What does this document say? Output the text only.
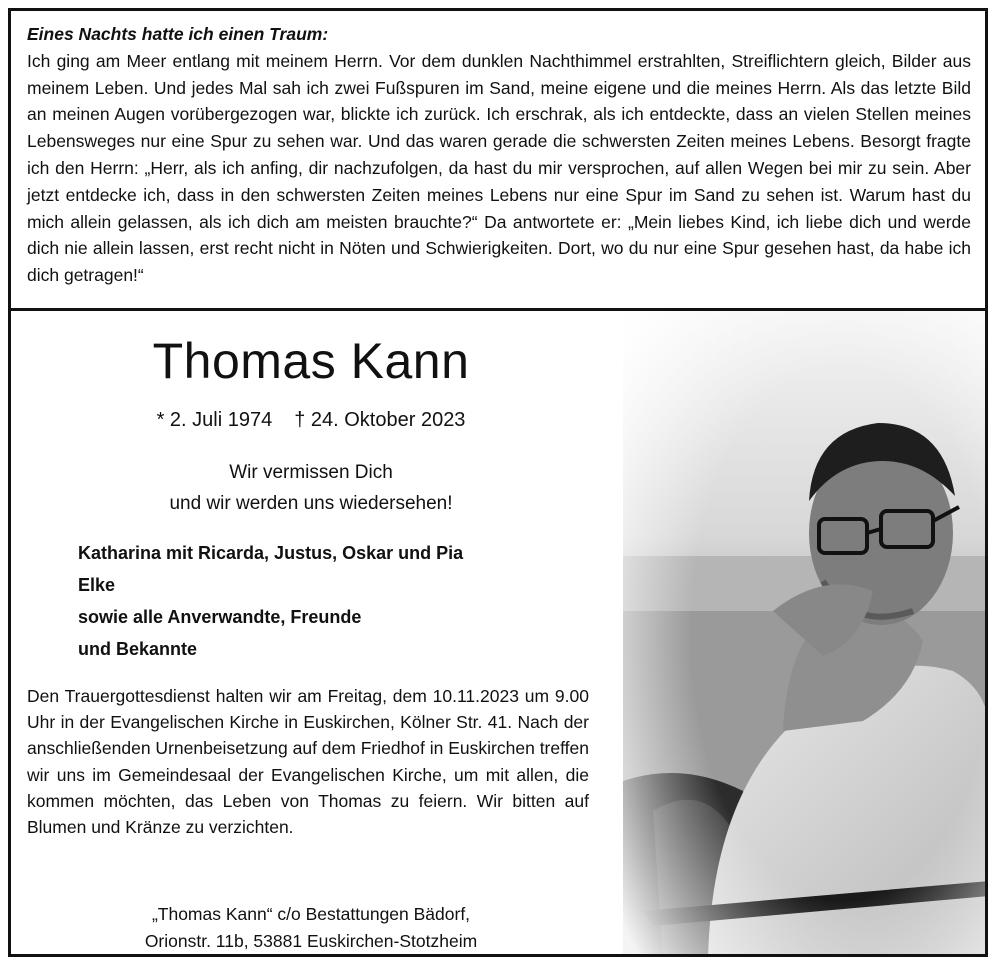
Eines Nachts hatte ich einen Traum:
Ich ging am Meer entlang mit meinem Herrn. Vor dem dunklen Nachthimmel erstrahlten, Streiflichtern gleich, Bilder aus meinem Leben. Und jedes Mal sah ich zwei Fußspuren im Sand, meine eigene und die meines Herrn. Als das letzte Bild an meinen Augen vorübergezogen war, blickte ich zurück. Ich erschrak, als ich entdeckte, dass an vielen Stellen meines Lebensweges nur eine Spur zu sehen war. Und das waren gerade die schwersten Zeiten meines Lebens. Besorgt fragte ich den Herrn: „Herr, als ich anfing, dir nachzufolgen, da hast du mir versprochen, auf allen Wegen bei mir zu sein. Aber jetzt entdecke ich, dass in den schwersten Zeiten meines Lebens nur eine Spur im Sand zu sehen ist. Warum hast du mich allein gelassen, als ich dich am meisten brauchte?“ Da antwortete er: „Mein liebes Kind, ich liebe dich und werde dich nie allein lassen, erst recht nicht in Nöten und Schwierigkeiten. Dort, wo du nur eine Spur gesehen hast, da habe ich dich getragen!“
Thomas Kann
* 2. Juli 1974 † 24. Oktober 2023
Wir vermissen Dich
und wir werden uns wiedersehen!
Katharina mit Ricarda, Justus, Oskar und Pia
Elke
sowie alle Anverwandte, Freunde
und Bekannte
Den Trauergottesdienst halten wir am Freitag, dem 10.11.2023 um 9.00 Uhr in der Evangelischen Kirche in Euskirchen, Kölner Str. 41. Nach der anschließenden Urnenbeisetzung auf dem Friedhof in Euskirchen treffen wir uns im Gemeindesaal der Evangelischen Kirche, um mit allen, die kommen möchten, das Leben von Thomas zu feiern. Wir bitten auf Blumen und Kränze zu verzichten.
„Thomas Kann“ c/o Bestattungen Bädorf,
Orionstr. 11b, 53881 Euskirchen-Stotzheim
